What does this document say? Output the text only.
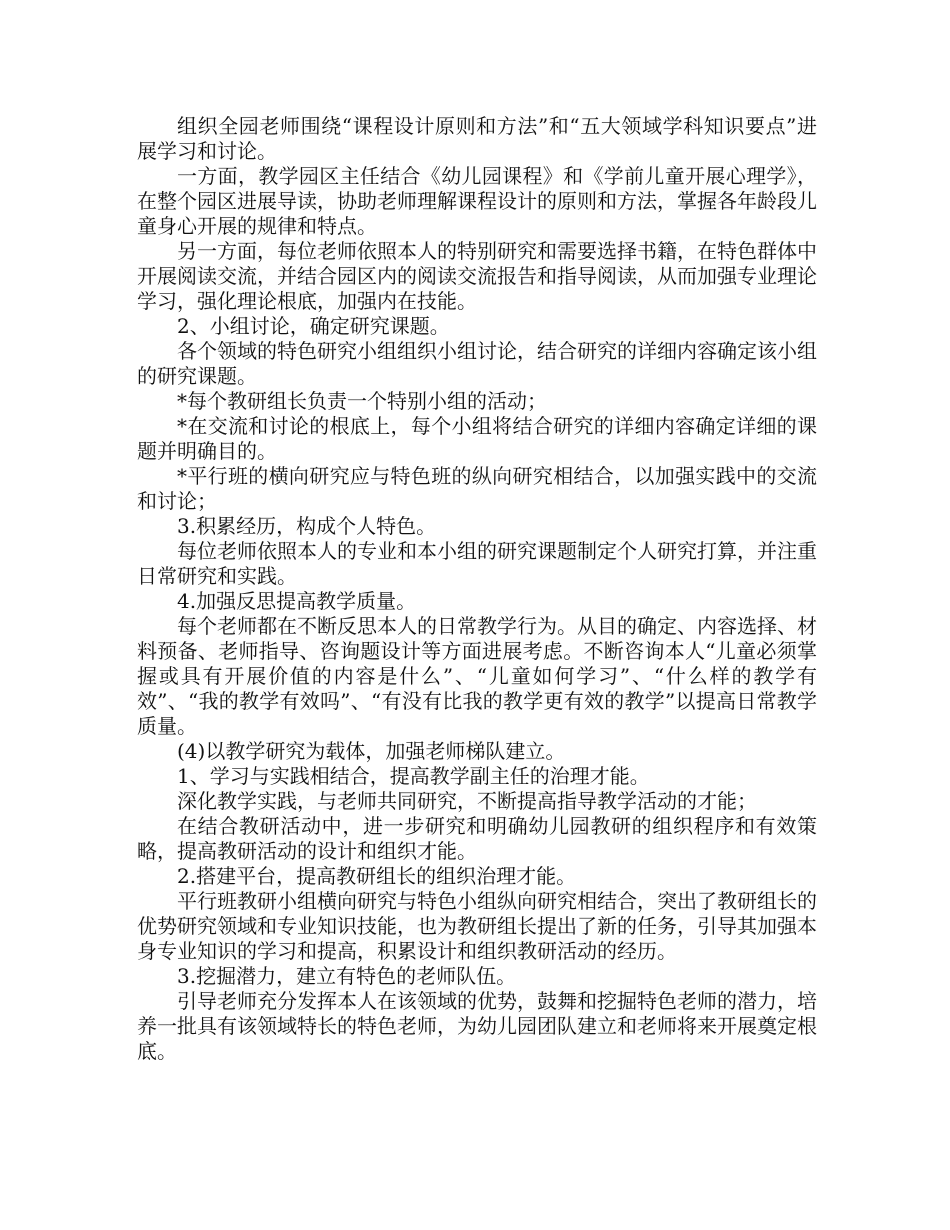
组织全园老师围绕“课程设计原则和方法”和“五大领域学科知识要点”进展学习和讨论。

一方面，教学园区主任结合《幼儿园课程》和《学前儿童开展心理学》，在整个园区进展导读，协助老师理解课程设计的原则和方法，掌握各年龄段儿童身心开展的规律和特点。

另一方面，每位老师依照本人的特别研究和需要选择书籍，在特色群体中开展阅读交流，并结合园区内的阅读交流报告和指导阅读，从而加强专业理论学习，强化理论根底，加强内在技能。

2、小组讨论，确定研究课题。

各个领域的特色研究小组组织小组讨论，结合研究的详细内容确定该小组的研究课题。

*每个教研组长负责一个特别小组的活动；

*在交流和讨论的根底上，每个小组将结合研究的详细内容确定详细的课题并明确目的。

*平行班的横向研究应与特色班的纵向研究相结合，以加强实践中的交流和讨论；

3.积累经历，构成个人特色。

每位老师依照本人的专业和本小组的研究课题制定个人研究打算，并注重日常研究和实践。

4.加强反思提高教学质量。

每个老师都在不断反思本人的日常教学行为。从目的确定、内容选择、材料预备、老师指导、咨询题设计等方面进展考虑。不断咨询本人“儿童必须掌握或具有开展价值的内容是什么”、“儿童如何学习”、“什么样的教学有效”、“我的教学有效吗”、“有没有比我的教学更有效的教学”以提高日常教学质量。

(4)以教学研究为载体，加强老师梯队建立。

1、学习与实践相结合，提高教学副主任的治理才能。

深化教学实践，与老师共同研究，不断提高指导教学活动的才能；

在结合教研活动中，进一步研究和明确幼儿园教研的组织程序和有效策略，提高教研活动的设计和组织才能。

2.搭建平台，提高教研组长的组织治理才能。

平行班教研小组横向研究与特色小组纵向研究相结合，突出了教研组长的优势研究领域和专业知识技能，也为教研组长提出了新的任务，引导其加强本身专业知识的学习和提高，积累设计和组织教研活动的经历。

3.挖掘潜力，建立有特色的老师队伍。

引导老师充分发挥本人在该领域的优势，鼓舞和挖掘特色老师的潜力，培养一批具有该领域特长的特色老师，为幼儿园团队建立和老师将来开展奠定根底。
